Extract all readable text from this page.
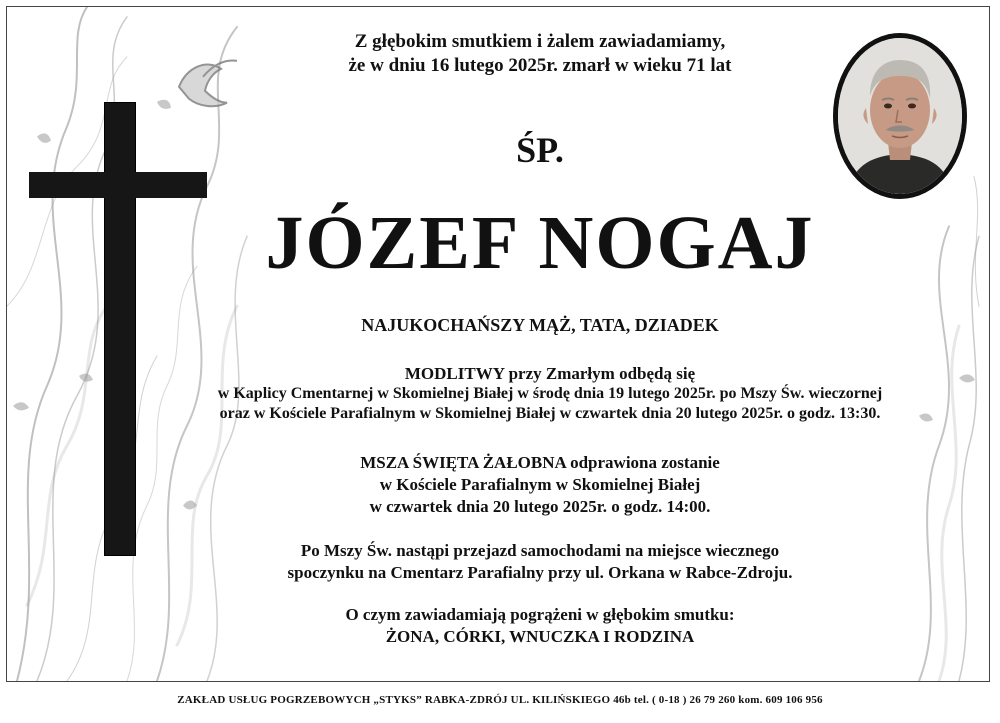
Z głębokim smutkiem i żalem zawiadamiamy,
że w dniu 16 lutego 2025r. zmarł w wieku 71 lat
ŚP.
JÓZEF NOGAJ
NAJUKOCHAŃSZY MĄŻ, TATA, DZIADEK
MODLITWY przy Zmarłym odbędą się
w Kaplicy Cmentarnej w Skomielnej Białej w środę dnia 19 lutego 2025r. po Mszy Św. wieczornej
oraz w Kościele Parafialnym w Skomielnej Białej w czwartek dnia 20 lutego 2025r. o godz. 13:30.
MSZA ŚWIĘTA ŻAŁOBNA odprawiona zostanie
w Kościele Parafialnym w Skomielnej Białej
w czwartek dnia 20 lutego 2025r. o godz. 14:00.
Po Mszy Św. nastąpi przejazd samochodami na miejsce wiecznego
spoczynku na Cmentarz Parafialny przy ul. Orkana w Rabce-Zdroju.
O czym zawiadamiają pogrążeni w głębokim smutku:
ŻONA, CÓRKI, WNUCZKA I RODZINA
ZAKŁAD USŁUG POGRZEBOWYCH „STYKS” RABKA-ZDRÓJ UL. KILIŃSKIEGO 46b tel. ( 0-18 ) 26 79 260 kom. 609 106 956
